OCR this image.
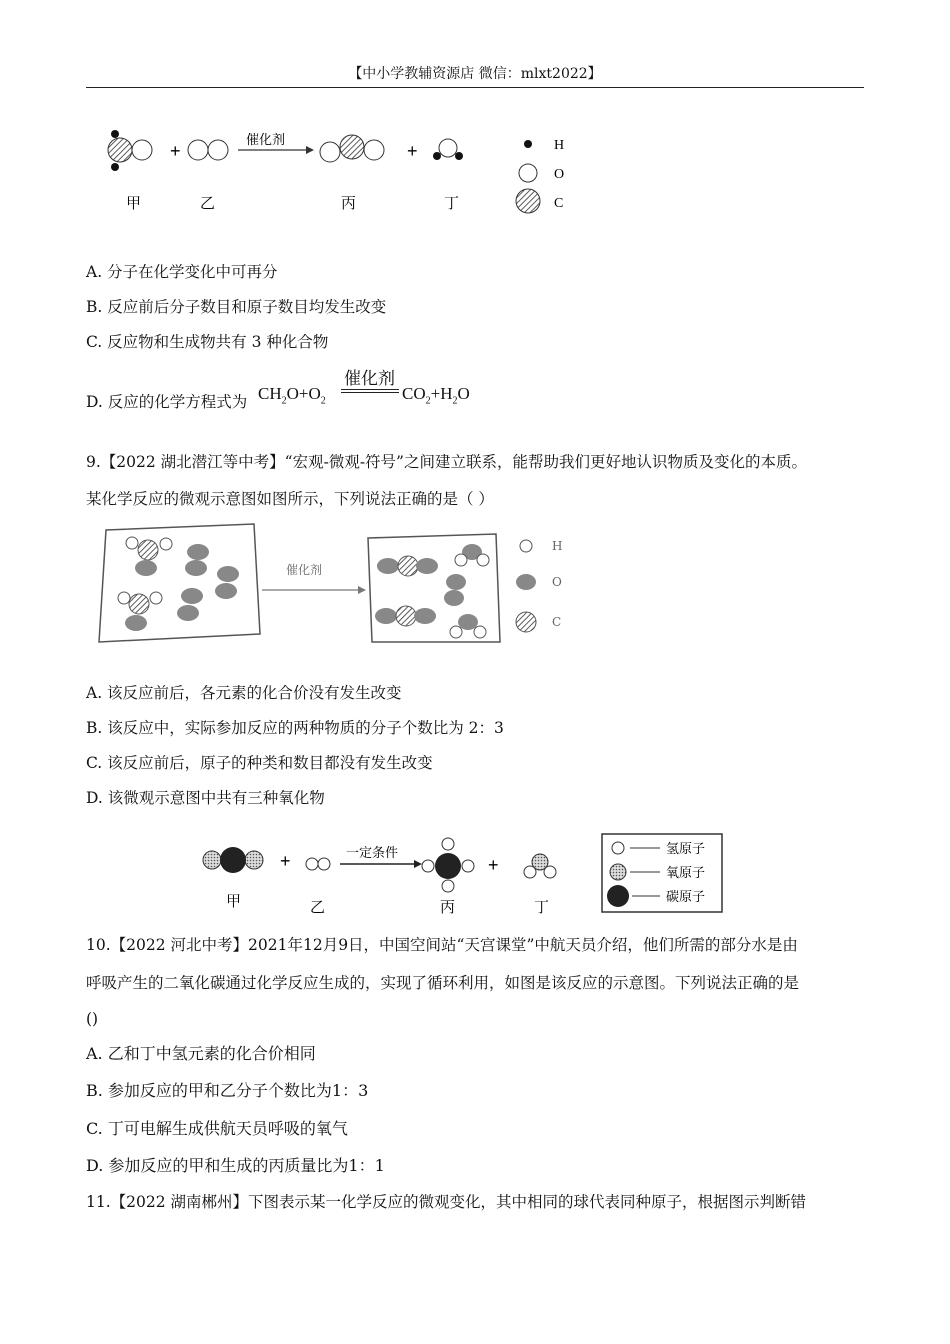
【中小学教辅资源店 微信：mlxt2022】
+
催化剂
+
甲	乙	丙	丁
H
O
C
A. 分子在化学变化中可再分
B. 反应前后分子数目和原子数目均发生改变
C. 反应物和生成物共有 3 种化合物
D. 反应的化学方程式为
催化剂
$CH_2O+O_2$	$CO_2+H_2O$
9.【2022 湖北潜江等中考】“宏观-微观-符号”之间建立联系，能帮助我们更好地认识物质及变化的本质。
某化学反应的微观示意图如图所示，下列说法正确的是（ ）
催化剂
H
O
C
A. 该反应前后，各元素的化合价没有发生改变
B. 该反应中，实际参加反应的两种物质的分子个数比为 2：3
C. 该反应前后，原子的种类和数目都没有发生改变
D. 该微观示意图中共有三种氧化物
+	一定条件
+
甲	乙	丙	丁
氢原子
氧原子
碳原子
10.【2022 河北中考】2021年12月9日，中国空间站“天宫课堂”中航天员介绍，他们所需的部分水是由
呼吸产生的二氧化碳通过化学反应生成的，实现了循环利用，如图是该反应的示意图。下列说法正确的是
()
A. 乙和丁中氢元素的化合价相同
B. 参加反应的甲和乙分子个数比为1：3
C. 丁可电解生成供航天员呼吸的氧气
D. 参加反应的甲和生成的丙质量比为1：1
11.【2022 湖南郴州】下图表示某一化学反应的微观变化，其中相同的球代表同种原子，根据图示判断错
